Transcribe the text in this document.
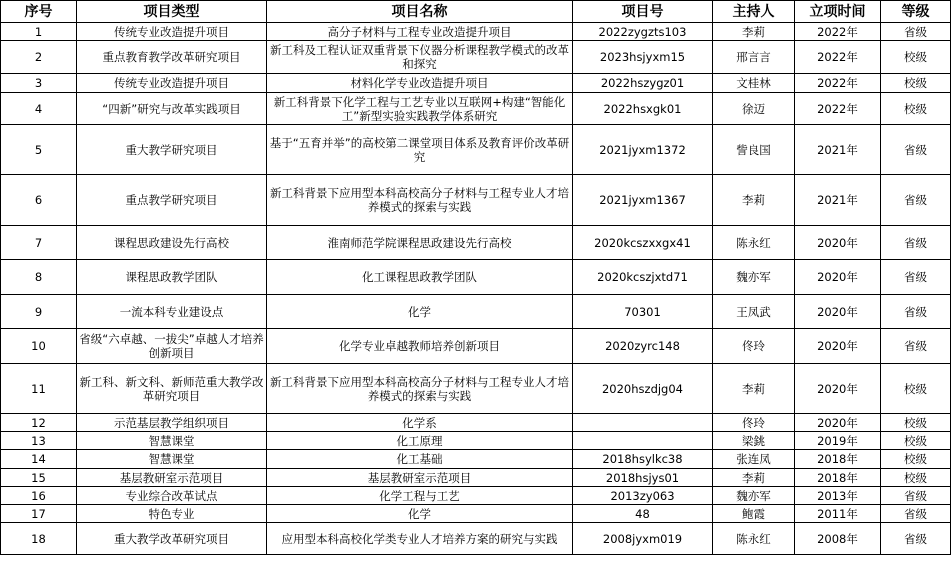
序号	项目类型	项目名称	项目号	主持人	立项时间	等级
1	传统专业改造提升项目	高分子材料与工程专业改造提升项目	2022zygzts103	李莉	2022年	省级
2	重点教育教学改革研究项目	新工科及工程认证双重背景下仪器分析课程教学模式的改革和探究	2023hsjyxm15	邢言言	2022年	校级
3	传统专业改造提升项目	材料化学专业改造提升项目	2022hszygz01	文桂林	2022年	校级
4	“四新”研究与改革实践项目	新工科背景下化学工程与工艺专业以互联网+构建“智能化工”新型实验实践教学体系研究	2022hsxgk01	徐迈	2022年	校级
5	重大教学研究项目	基于“五育并举”的高校第二课堂项目体系及教育评价改革研究	2021jyxm1372	訾良国	2021年	省级
6	重点教学研究项目	新工科背景下应用型本科高校高分子材料与工程专业人才培养模式的探索与实践	2021jyxm1367	李莉	2021年	省级
7	课程思政建设先行高校	淮南师范学院课程思政建设先行高校	2020kcszxxgx41	陈永红	2020年	省级
8	课程思政教学团队	化工课程思政教学团队	2020kcszjxtd71	魏亦军	2020年	省级
9	一流本科专业建设点	化学	70301	王凤武	2020年	省级
10	省级“六卓越、一拔尖”卓越人才培养创新项目	化学专业卓越教师培养创新项目	2020zyrc148	佟玲	2020年	省级
11	新工科、新文科、新师范重大教学改革研究项目	新工科背景下应用型本科高校高分子材料与工程专业人才培养模式的探索与实践	2020hszdjg04	李莉	2020年	校级
12	示范基层教学组织项目	化学系		佟玲	2020年	校级
13	智慧课堂	化工原理		梁銚	2019年	校级
14	智慧课堂	化工基础	2018hsylkc38	张连凤	2018年	校级
15	基层教研室示范项目	基层教研室示范项目	2018hsjys01	李莉	2018年	校级
16	专业综合改革试点	化学工程与工艺	2013zy063	魏亦军	2013年	省级
17	特色专业	化学	48	鲍霞	2011年	省级
18	重大教学改革研究项目	应用型本科高校化学类专业人才培养方案的研究与实践	2008jyxm019	陈永红	2008年	省级
